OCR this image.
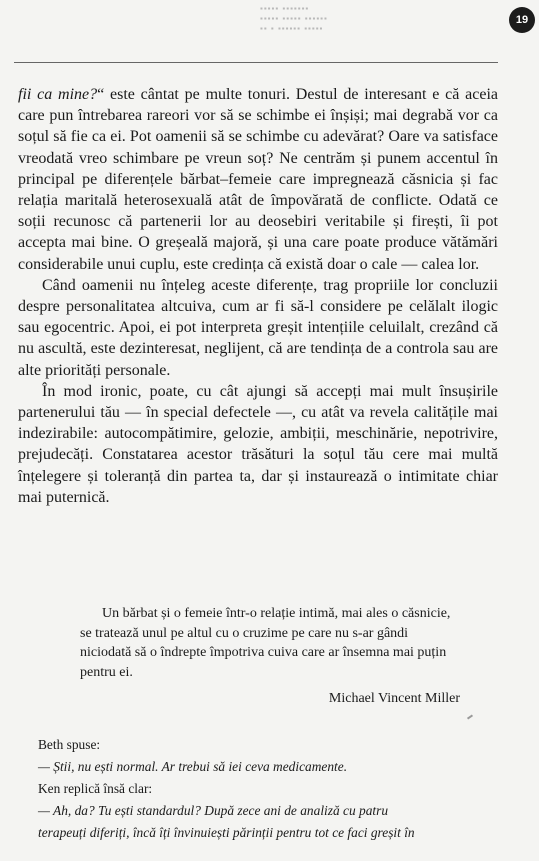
▪▪▪▪▪ ▪▪▪▪▪▪▪
▪▪▪▪▪ ▪▪▪▪▪ ▪▪▪▪▪▪
▪▪ ▪ ▪▪▪▪▪▪ ▪▪▪▪▪
19

fii ca mine?“ este cântat pe multe tonuri. Destul de interesant e că aceia care pun întrebarea rareori vor să se schimbe ei înșiși; mai degrabă vor ca soțul să fie ca ei. Pot oamenii să se schimbe cu adevărat? Oare va satisface vreodată vreo schimbare pe vreun soț? Ne centrăm și punem accentul în principal pe diferențele bărbat–femeie care impregnează căsnicia și fac relația maritală heterosexuală atât de împovărată de conflicte. Odată ce soții recunosc că partenerii lor au deosebiri veritabile și firești, îi pot accepta mai bine. O greșeală majoră, și una care poate produce vătămări considerabile unui cuplu, este credința că există doar o cale — calea lor.

Când oamenii nu înțeleg aceste diferențe, trag propriile lor concluzii despre personalitatea altcuiva, cum ar fi să-l considere pe celălalt ilogic sau egocentric. Apoi, ei pot interpreta greșit intențiile celuilalt, crezând că nu ascultă, este dezinteresat, neglijent, că are tendința de a controla sau are alte priorități personale.

În mod ironic, poate, cu cât ajungi să accepți mai mult însușirile partenerului tău — în special defectele —, cu atât va revela calitățile mai indezirabile: autocompătimire, gelozie, ambiții, meschinărie, nepotrivire, prejudecăți. Constatarea acestor trăsături la soțul tău cere mai multă înțelegere și toleranță din partea ta, dar și instaurează o intimitate chiar mai puternică.

Un bărbat și o femeie într-o relație intimă, mai ales o căsnicie, se tratează unul pe altul cu o cruzime pe care nu s-ar gândi niciodată să o îndrepte împotriva cuiva care ar însemna mai puțin pentru ei.

Michael Vincent Miller

Beth spuse:
— Știi, nu ești normal. Ar trebui să iei ceva medicamente.
Ken replică însă clar:
— Ah, da? Tu ești standardul? După zece ani de analiză cu patru
terapeuți diferiți, încă îți învinuiești părinții pentru tot ce faci greșit în
